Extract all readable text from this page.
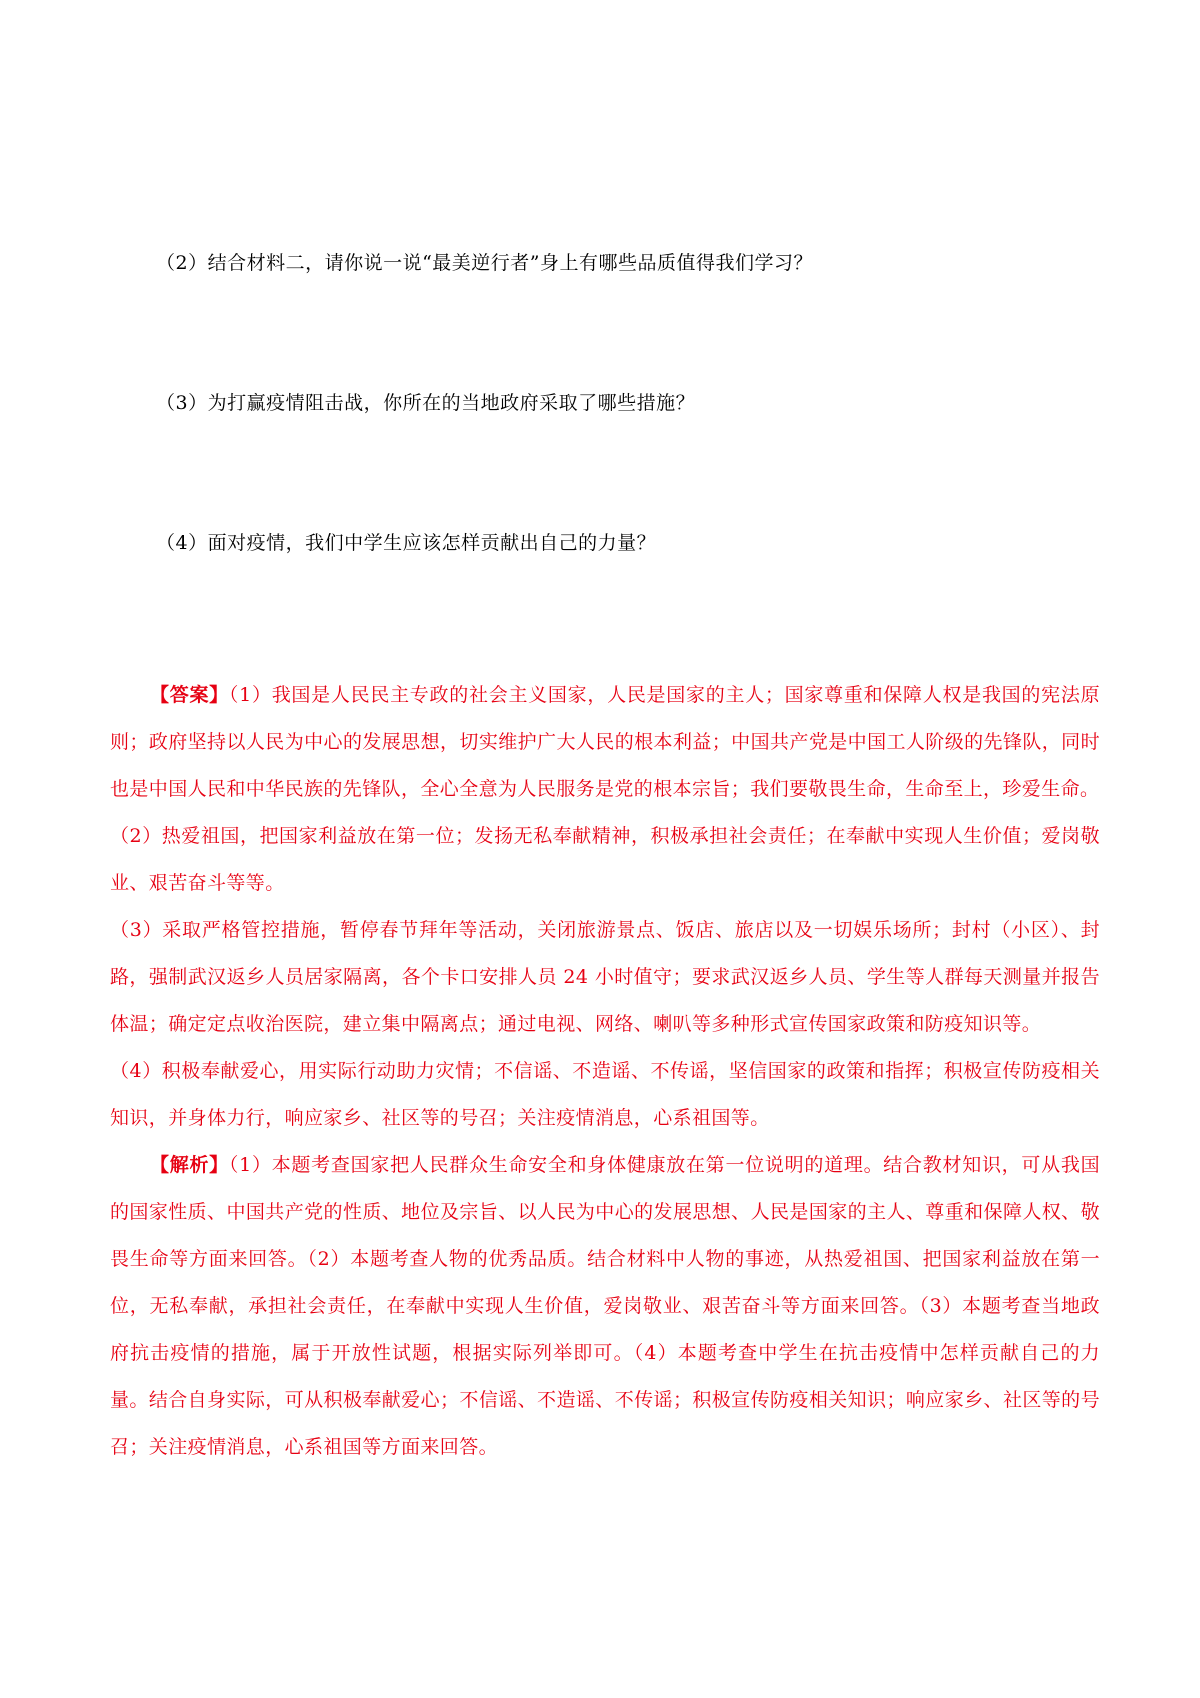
（2）结合材料二，请你说一说“最美逆行者”身上有哪些品质值得我们学习？
（3）为打赢疫情阻击战，你所在的当地政府采取了哪些措施？
（4）面对疫情，我们中学生应该怎样贡献出自己的力量？

【答案】（1）我国是人民民主专政的社会主义国家，人民是国家的主人；国家尊重和保障人权是我国的宪法原则；政府坚持以人民为中心的发展思想，切实维护广大人民的根本利益；中国共产党是中国工人阶级的先锋队，同时也是中国人民和中华民族的先锋队，全心全意为人民服务是党的根本宗旨；我们要敬畏生命，生命至上，珍爱生命。

（2）热爱祖国，把国家利益放在第一位；发扬无私奉献精神，积极承担社会责任；在奉献中实现人生价值；爱岗敬业、艰苦奋斗等等。

（3）采取严格管控措施，暂停春节拜年等活动，关闭旅游景点、饭店、旅店以及一切娱乐场所；封村（小区）、封路，强制武汉返乡人员居家隔离，各个卡口安排人员 24 小时值守；要求武汉返乡人员、学生等人群每天测量并报告体温；确定定点收治医院，建立集中隔离点；通过电视、网络、喇叭等多种形式宣传国家政策和防疫知识等。

（4）积极奉献爱心，用实际行动助力灾情；不信谣、不造谣、不传谣，坚信国家的政策和指挥；积极宣传防疫相关知识，并身体力行，响应家乡、社区等的号召；关注疫情消息，心系祖国等。

【解析】（1）本题考查国家把人民群众生命安全和身体健康放在第一位说明的道理。结合教材知识，可从我国的国家性质、中国共产党的性质、地位及宗旨、以人民为中心的发展思想、人民是国家的主人、尊重和保障人权、敬畏生命等方面来回答。（2）本题考查人物的优秀品质。结合材料中人物的事迹，从热爱祖国、把国家利益放在第一位，无私奉献，承担社会责任，在奉献中实现人生价值，爱岗敬业、艰苦奋斗等方面来回答。（3）本题考查当地政府抗击疫情的措施，属于开放性试题，根据实际列举即可。（4）本题考查中学生在抗击疫情中怎样贡献自己的力量。结合自身实际，可从积极奉献爱心；不信谣、不造谣、不传谣；积极宣传防疫相关知识；响应家乡、社区等的号召；关注疫情消息，心系祖国等方面来回答。
